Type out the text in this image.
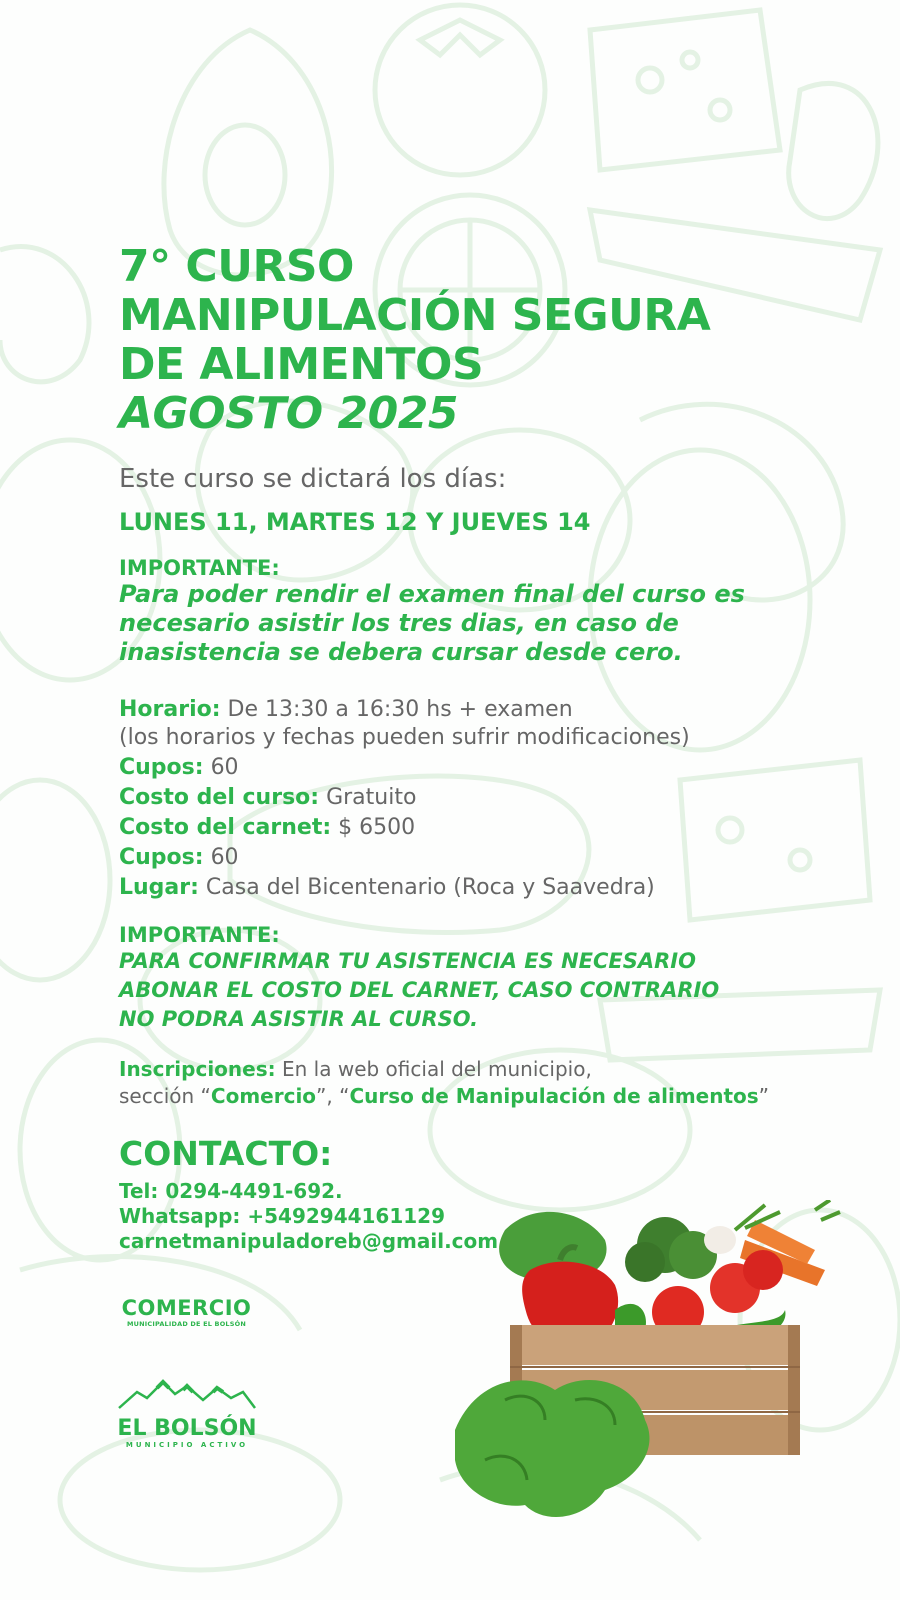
7° CURSO
MANIPULACIÓN SEGURA
DE ALIMENTOS
AGOSTO 2025
Este curso se dictará los días:
LUNES 11, MARTES 12 Y JUEVES 14
IMPORTANTE:
Para poder rendir el examen final del curso es
necesario asistir los tres dias, en caso de
inasistencia se debera cursar desde cero.
Horario: De 13:30 a 16:30 hs + examen
(los horarios y fechas pueden sufrir modificaciones)
Cupos: 60
Costo del curso: Gratuito
Costo del carnet: $ 6500
Cupos: 60
Lugar: Casa del Bicentenario (Roca y Saavedra)
IMPORTANTE:
PARA CONFIRMAR TU ASISTENCIA ES NECESARIO
ABONAR EL COSTO DEL CARNET, CASO CONTRARIO
NO PODRA ASISTIR AL CURSO.
Inscripciones: En la web oficial del municipio,
sección “Comercio”, “Curso de Manipulación de alimentos”
CONTACTO:
Tel: 0294-4491-692.
Whatsapp: +5492944161129
carnetmanipuladoreb@gmail.com
COMERCIO
MUNICIPALIDAD DE EL BOLSÓN
EL BOLSÓN
MUNICIPIO ACTIVO
